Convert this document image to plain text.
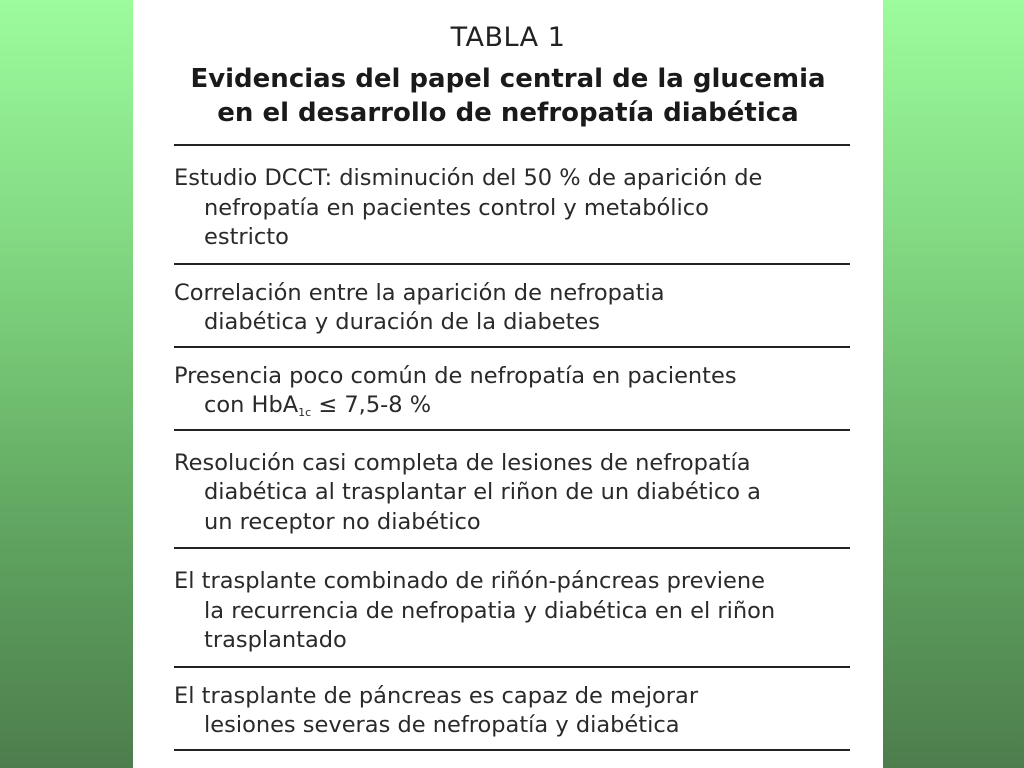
TABLA 1

Evidencias del papel central de la glucemia
en el desarrollo de nefropatía diabética
Estudio DCCT: disminución del 50 % de aparición de
nefropatía en pacientes control y metabólico
estricto
Correlación entre la aparición de nefropatia
diabética y duración de la diabetes
Presencia poco común de nefropatía en pacientes
con HbA$_{1c}$ ≤ 7,5-8 %
Resolución casi completa de lesiones de nefropatía
diabética al trasplantar el riñon de un diabético a
un receptor no diabético
El trasplante combinado de riñón-páncreas previene
la recurrencia de nefropatia y diabética en el riñon
trasplantado
El trasplante de páncreas es capaz de mejorar
lesiones severas de nefropatía y diabética
